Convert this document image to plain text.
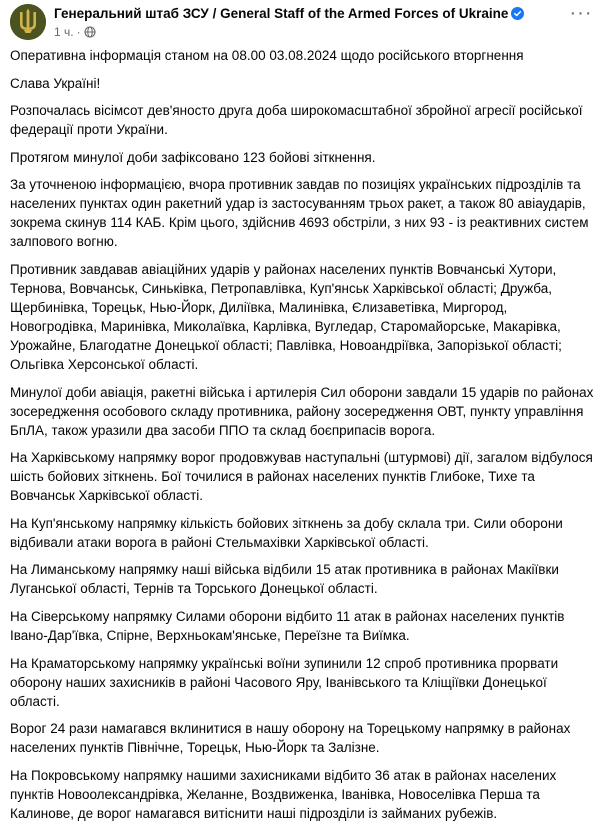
Генеральний штаб ЗСУ / General Staff of the Armed Forces of Ukraine
1 ч. ·
···

Оперативна інформація станом на 08.00 03.08.2024 щодо російського вторгнення

Слава Україні!

Розпочалась вісімсот дев'яносто друга доба широкомасштабної збройної агресії російської федерації проти України.

Протягом минулої доби зафіксовано 123 бойові зіткнення.

За уточненою інформацією, вчора противник завдав по позиціях українських підрозділів та населених пунктах один ракетний удар із застосуванням трьох ракет, а також 80 авіаударів, зокрема скинув 114 КАБ. Крім цього, здійснив 4693 обстріли, з них 93 - із реактивних систем залпового вогню.

Противник завдавав авіаційних ударів у районах населених пунктів Вовчанські Хутори, Тернова, Вовчанськ, Синьківка, Петропавлівка, Куп'янськ Харківської області; Дружба, Щербинівка, Торецьк, Нью-Йорк, Диліївка, Малинівка, Єлизаветівка, Миргород, Новогродівка, Маринівка, Миколаївка, Карлівка, Вугледар, Старомайорське, Макарівка, Урожайне, Благодатне Донецької області; Павлівка, Новоандріївка, Запорізької області; Ольгівка Херсонської області.

Минулої доби авіація, ракетні війська і артилерія Сил оборони завдали 15 ударів по районах зосередження особового складу противника, району зосередження ОВТ, пункту управління БпЛА, також уразили два засоби ППО та склад боєприпасів ворога.

На Харківському напрямку ворог продовжував наступальні (штурмові) дії, загалом відбулося шість бойових зіткнень. Бої точилися в районах населених пунктів Глибоке, Тихе та Вовчанськ Харківської області.

На Куп'янському напрямку кількість бойових зіткнень за добу склала три. Сили оборони відбивали атаки ворога в районі Стельмахівки Харківської області.

На Лиманському напрямку наші війська відбили 15 атак противника в районах Макіївки Луганської області, Тернів та Торського Донецької області.

На Сіверському напрямку Силами оборони відбито 11 атак в районах населених пунктів Івано-Дар'ївка, Спірне, Верхньокам'янське, Переїзне та Виїмка.

На Краматорському напрямку українські воїни зупинили 12 спроб противника прорвати оборону наших захисників в районі Часового Яру, Іванівського та Кліщіївки Донецької області.

Ворог 24 рази намагався вклинитися в нашу оборону на Торецькому напрямку в районах населених пунктів Північне, Торецьк, Нью-Йорк та Залізне.

На Покровському напрямку нашими захисниками відбито 36 атак в районах населених пунктів Новоолександрівка, Желанне, Воздвиженка, Іванівка, Новоселівка Перша та Калинове, де ворог намагався витіснити наші підрозділи із займаних рубежів.
